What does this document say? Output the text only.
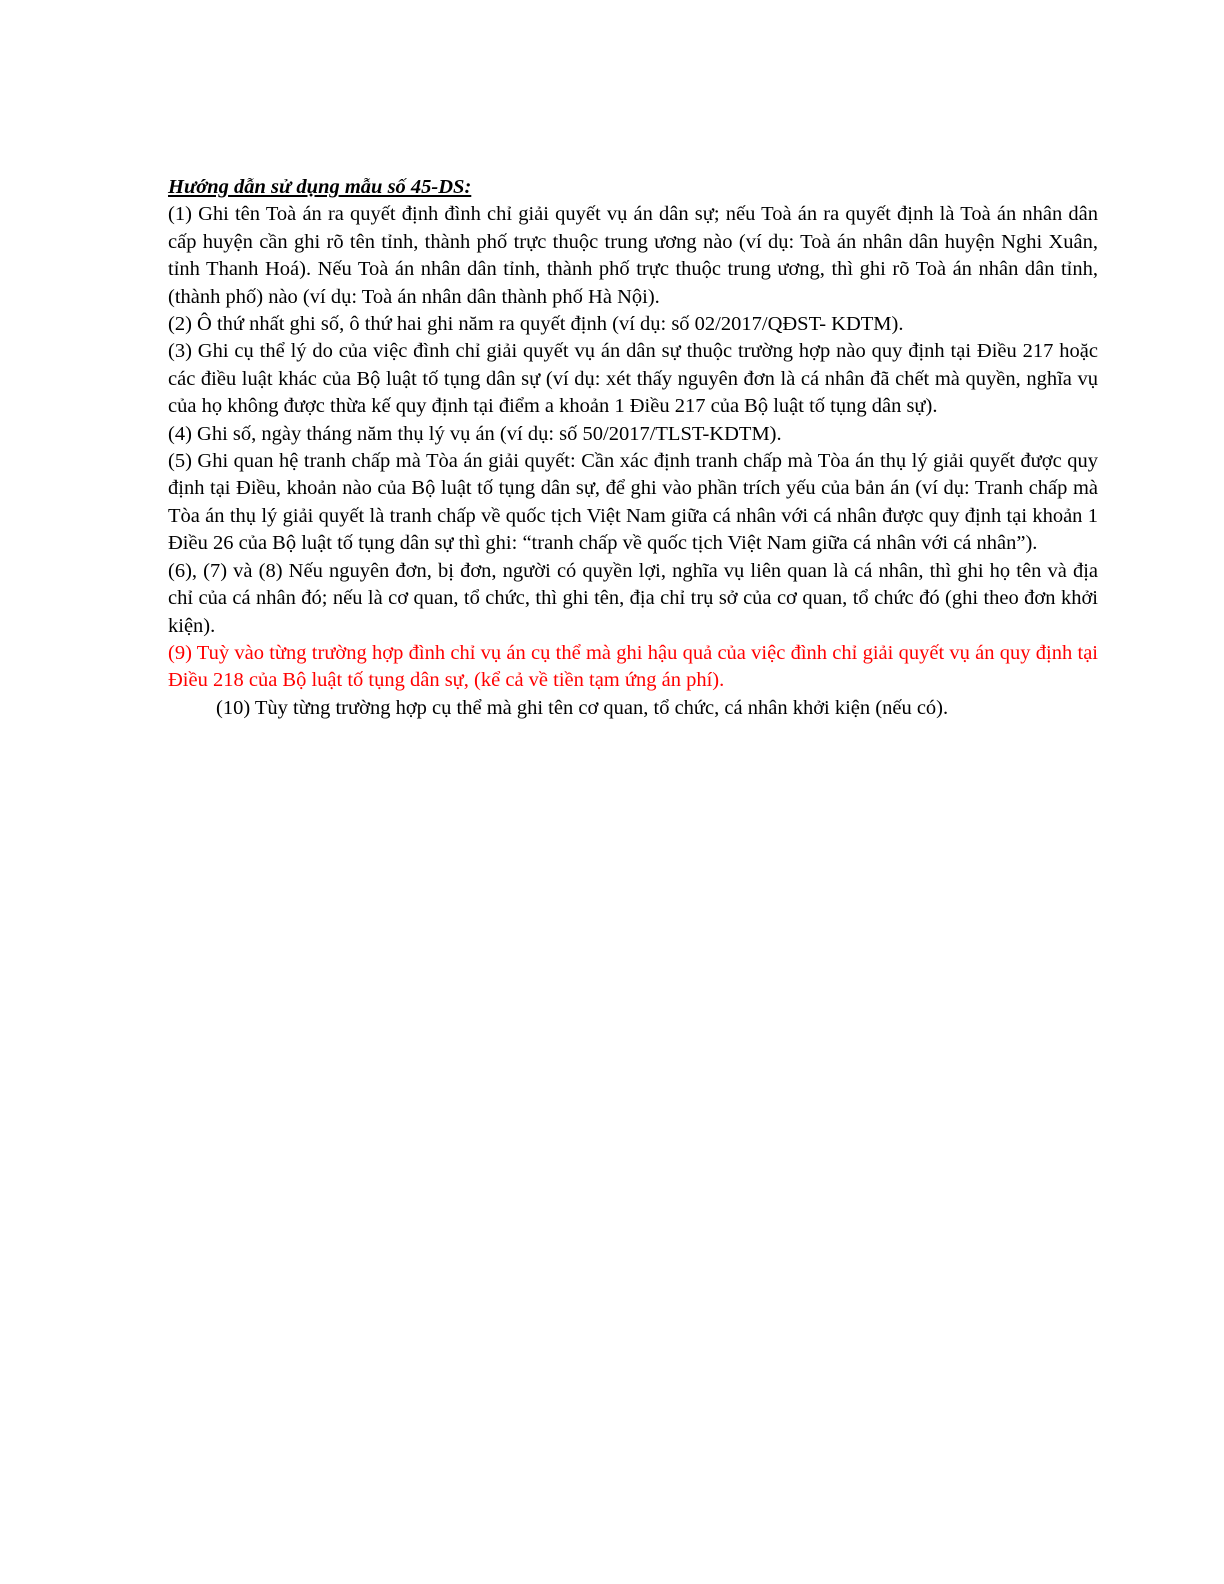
Hướng dẫn sử dụng mẫu số 45-DS:

(1) Ghi tên Toà án ra quyết định đình chỉ giải quyết vụ án dân sự; nếu Toà án ra quyết định là Toà án nhân dân cấp huyện cần ghi rõ tên tỉnh, thành phố trực thuộc trung ương nào (ví dụ: Toà án nhân dân huyện Nghi Xuân, tỉnh Thanh Hoá). Nếu Toà án nhân dân tỉnh, thành phố trực thuộc trung ương, thì ghi rõ Toà án nhân dân tỉnh, (thành phố) nào (ví dụ: Toà án nhân dân thành phố Hà Nội).

(2) Ô thứ nhất ghi số, ô thứ hai ghi năm ra quyết định (ví dụ: số 02/2017/QĐST- KDTM).

(3) Ghi cụ thể lý do của việc đình chỉ giải quyết vụ án dân sự thuộc trường hợp nào quy định tại Điều 217 hoặc các điều luật khác của Bộ luật tố tụng dân sự (ví dụ: xét thấy nguyên đơn là cá nhân đã chết mà quyền, nghĩa vụ của họ không được thừa kế quy định tại điểm a khoản 1 Điều 217 của Bộ luật tố tụng dân sự).

(4) Ghi số, ngày tháng năm thụ lý vụ án (ví dụ: số 50/2017/TLST-KDTM).

(5) Ghi quan hệ tranh chấp mà Tòa án giải quyết: Cần xác định tranh chấp mà Tòa án thụ lý giải quyết được quy định tại Điều, khoản nào của Bộ luật tố tụng dân sự, để ghi vào phần trích yếu của bản án (ví dụ: Tranh chấp mà Tòa án thụ lý giải quyết là tranh chấp về quốc tịch Việt Nam giữa cá nhân với cá nhân được quy định tại khoản 1 Điều 26 của Bộ luật tố tụng dân sự thì ghi: “tranh chấp về quốc tịch Việt Nam giữa cá nhân với cá nhân”).

(6), (7) và (8) Nếu nguyên đơn, bị đơn, người có quyền lợi, nghĩa vụ liên quan là cá nhân, thì ghi họ tên và địa chỉ của cá nhân đó; nếu là cơ quan, tổ chức, thì ghi tên, địa chỉ trụ sở của cơ quan, tổ chức đó (ghi theo đơn khởi kiện).

(9) Tuỳ vào từng trường hợp đình chỉ vụ án cụ thể mà ghi hậu quả của việc đình chỉ giải quyết vụ án quy định tại Điều 218 của Bộ luật tố tụng dân sự, (kể cả về tiền tạm ứng án phí).

(10) Tùy từng trường hợp cụ thể mà ghi tên cơ quan, tổ chức, cá nhân khởi kiện (nếu có).
